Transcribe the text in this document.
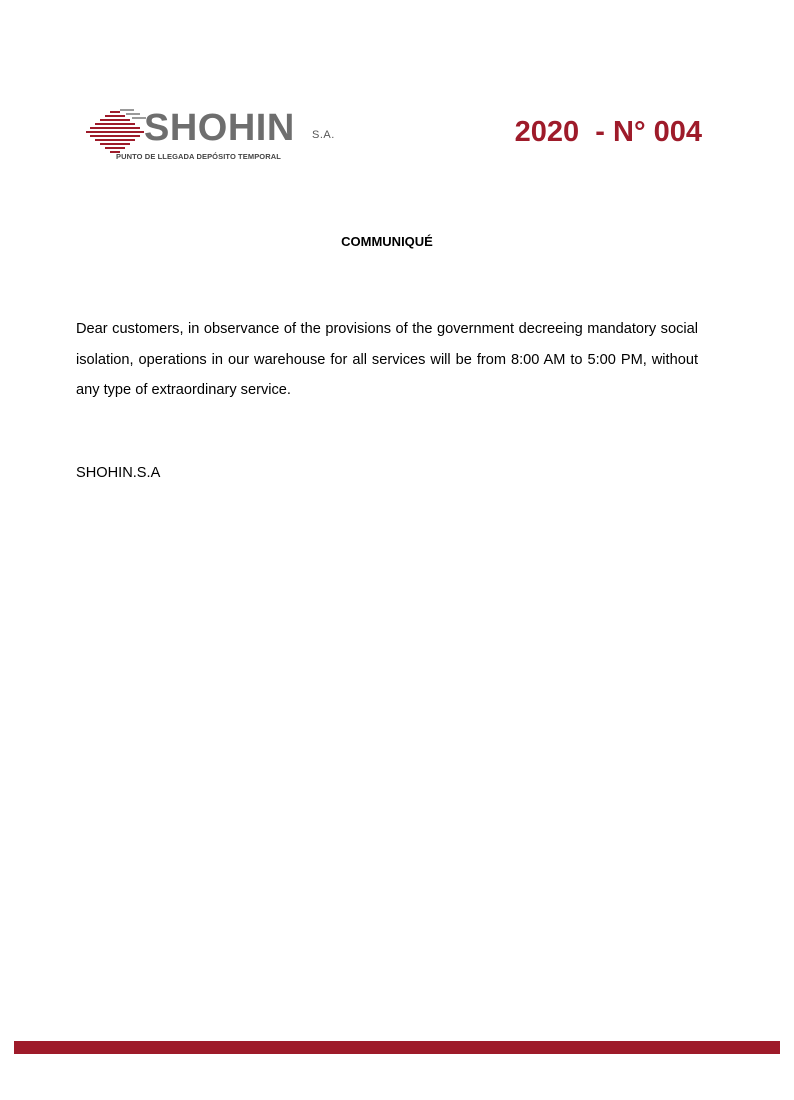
SHOHIN S.A.
PUNTO DE LLEGADA DEPÓSITO TEMPORAL
2020  - N° 004
COMMUNIQUÉ
Dear customers, in observance of the provisions of the government decreeing mandatory social isolation, operations in our warehouse for all services will be from 8:00 AM to 5:00 PM, without any type of extraordinary service.
SHOHIN.S.A
